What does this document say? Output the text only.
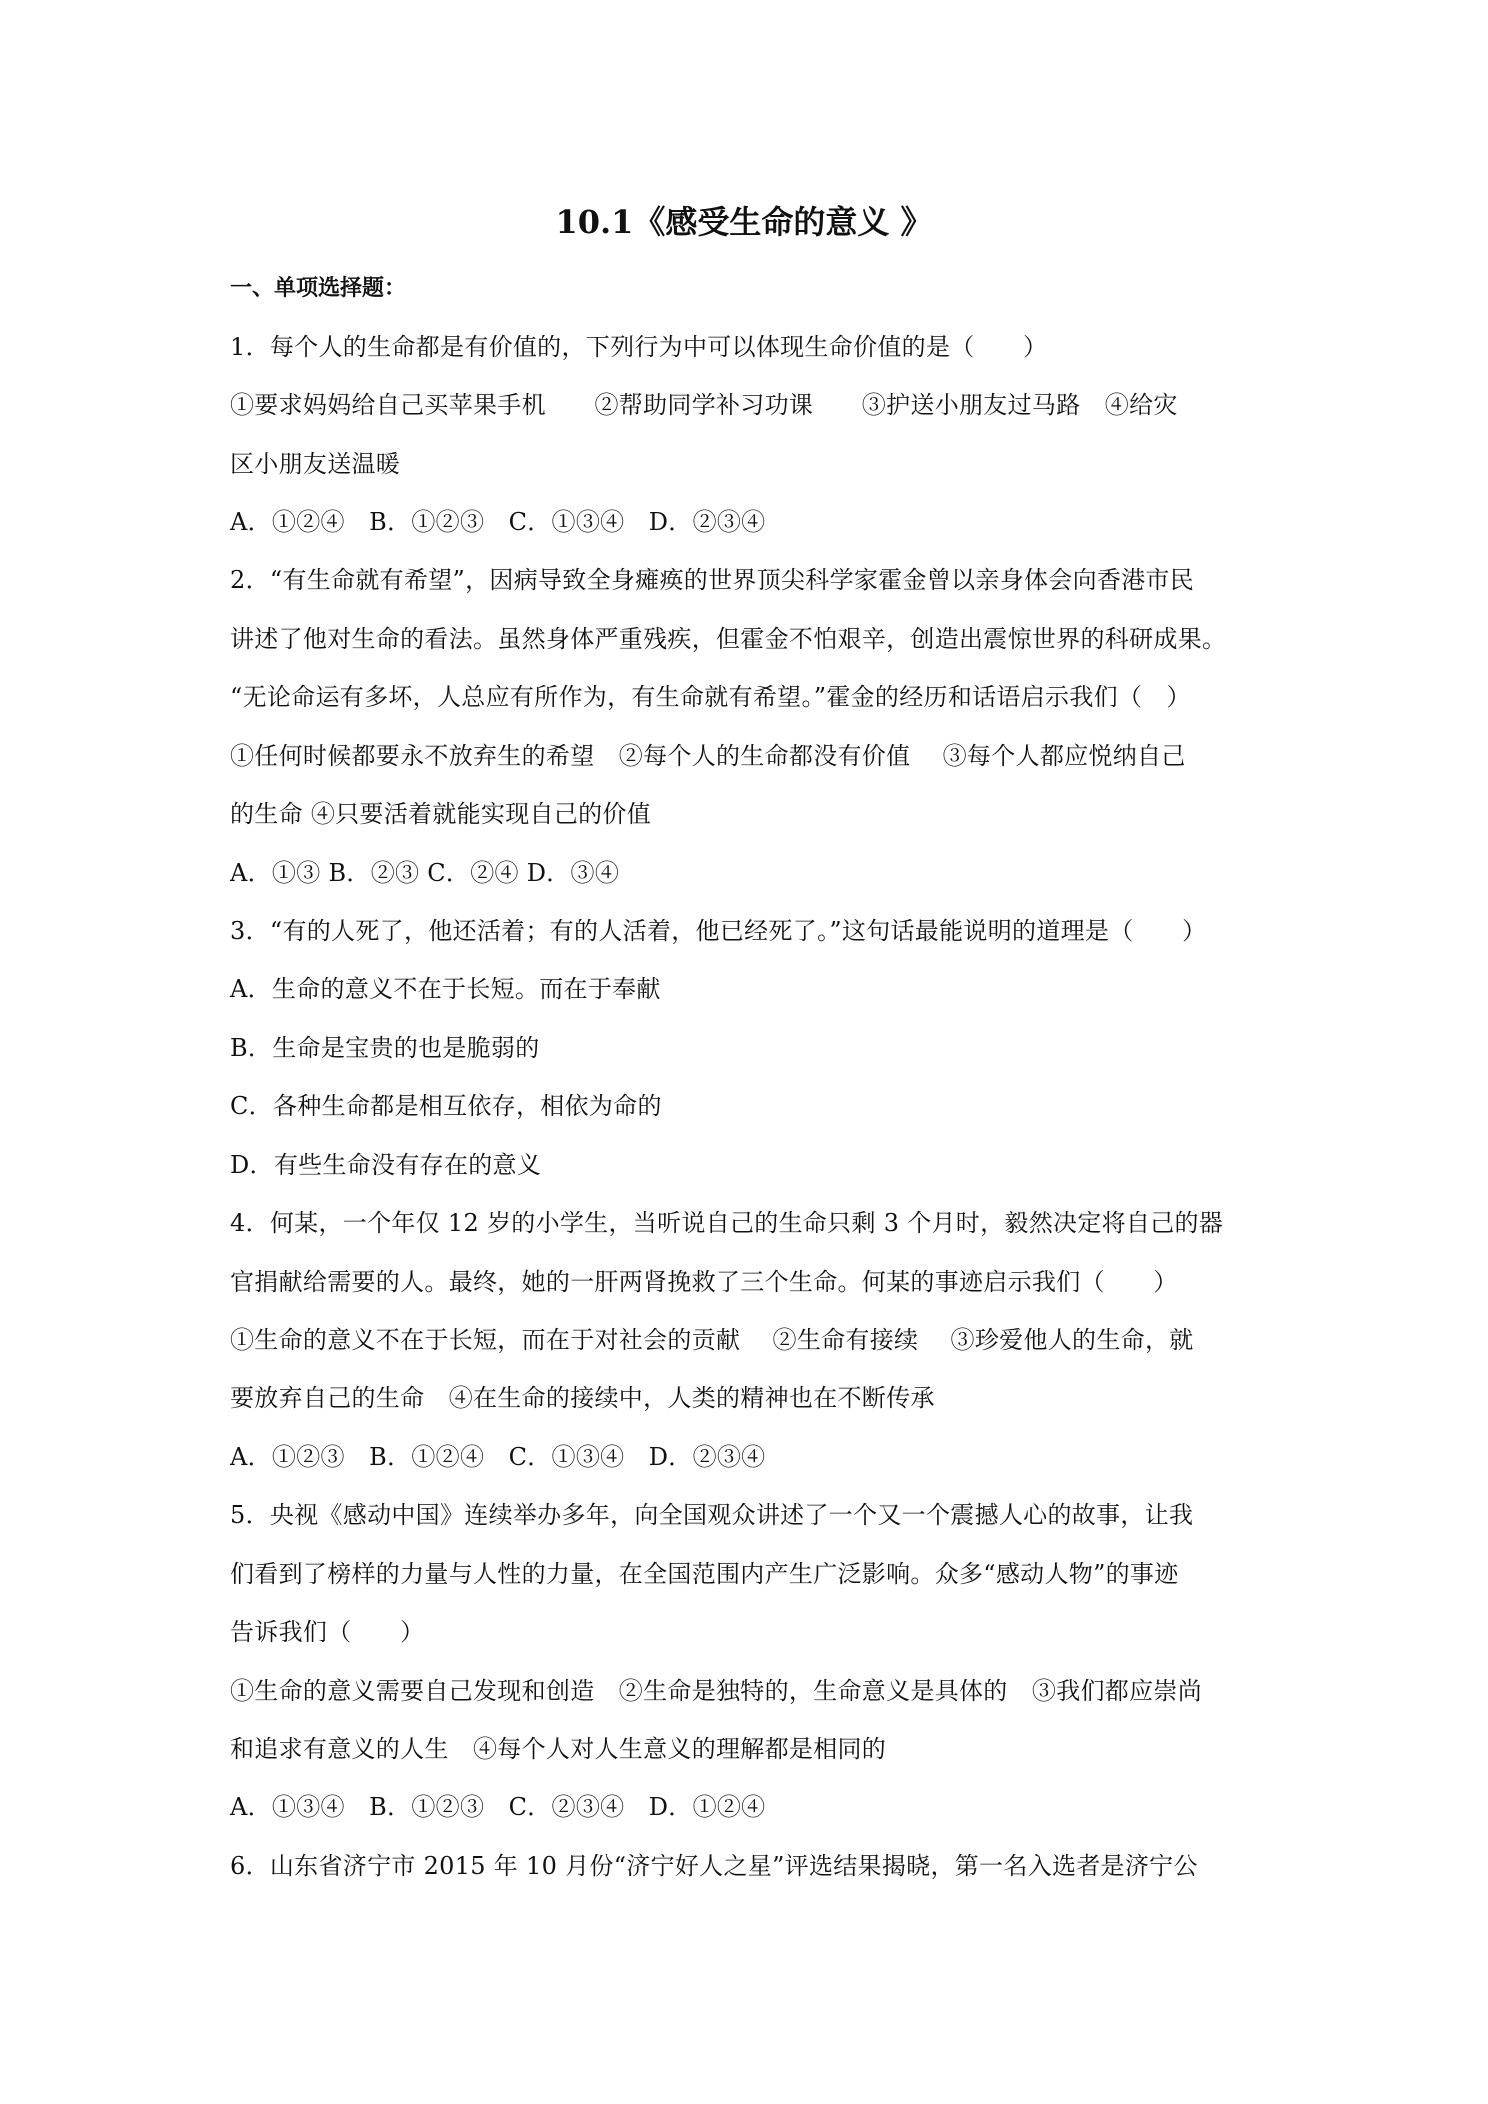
10.1《感受生命的意义 》
一、单项选择题：
1．每个人的生命都是有价值的，下列行为中可以体现生命价值的是（　　）
①要求妈妈给自己买苹果手机　　②帮助同学补习功课　　③护送小朋友过马路　④给灾
区小朋友送温暖
A．①②④　B．①②③　C．①③④　D．②③④
2．“有生命就有希望”，因病导致全身瘫痪的世界顶尖科学家霍金曾以亲身体会向香港市民
讲述了他对生命的看法。虽然身体严重残疾，但霍金不怕艰辛，创造出震惊世界的科研成果。
“无论命运有多坏，人总应有所作为，有生命就有希望。”霍金的经历和话语启示我们（　）
①任何时候都要永不放弃生的希望　②每个人的生命都没有价值　 ③每个人都应悦纳自己
的生命 ④只要活着就能实现自己的价值
A．①③ B．②③ C．②④ D．③④
3．“有的人死了，他还活着；有的人活着，他已经死了。”这句话最能说明的道理是（　　）
A．生命的意义不在于长短。而在于奉献
B．生命是宝贵的也是脆弱的
C．各种生命都是相互依存，相依为命的
D．有些生命没有存在的意义
4．何某，一个年仅 12 岁的小学生，当听说自己的生命只剩 3 个月时，毅然决定将自己的器
官捐献给需要的人。最终，她的一肝两肾挽救了三个生命。何某的事迹启示我们（　　）
①生命的意义不在于长短，而在于对社会的贡献　 ②生命有接续　 ③珍爱他人的生命，就
要放弃自己的生命　④在生命的接续中，人类的精神也在不断传承
A．①②③　B．①②④　C．①③④　D．②③④
5．央视《感动中国》连续举办多年，向全国观众讲述了一个又一个震撼人心的故事，让我
们看到了榜样的力量与人性的力量，在全国范围内产生广泛影响。众多“感动人物”的事迹
告诉我们（　　）
①生命的意义需要自己发现和创造　②生命是独特的，生命意义是具体的　③我们都应崇尚
和追求有意义的人生　④每个人对人生意义的理解都是相同的
A．①③④　B．①②③　C．②③④　D．①②④
6．山东省济宁市 2015 年 10 月份“济宁好人之星”评选结果揭晓，第一名入选者是济宁公
